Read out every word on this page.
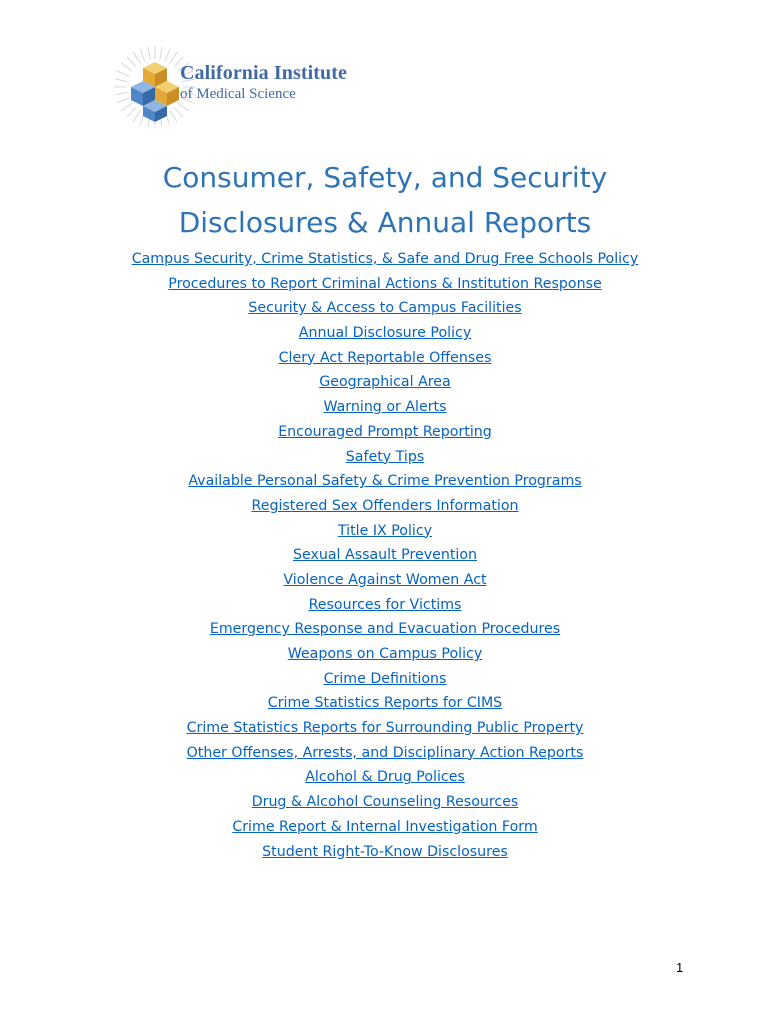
California Institute
of Medical Science
Consumer, Safety, and Security
Disclosures & Annual Reports
Campus Security, Crime Statistics, & Safe and Drug Free Schools Policy
Procedures to Report Criminal Actions & Institution Response
Security & Access to Campus Facilities
Annual Disclosure Policy
Clery Act Reportable Offenses
Geographical Area
Warning or Alerts
Encouraged Prompt Reporting
Safety Tips
Available Personal Safety & Crime Prevention Programs
Registered Sex Offenders Information
Title IX Policy
Sexual Assault Prevention
Violence Against Women Act
Resources for Victims
Emergency Response and Evacuation Procedures
Weapons on Campus Policy
Crime Definitions
Crime Statistics Reports for CIMS
Crime Statistics Reports for Surrounding Public Property
Other Offenses, Arrests, and Disciplinary Action Reports
Alcohol & Drug Polices
Drug & Alcohol Counseling Resources
Crime Report & Internal Investigation Form
Student Right-To-Know Disclosures
1
